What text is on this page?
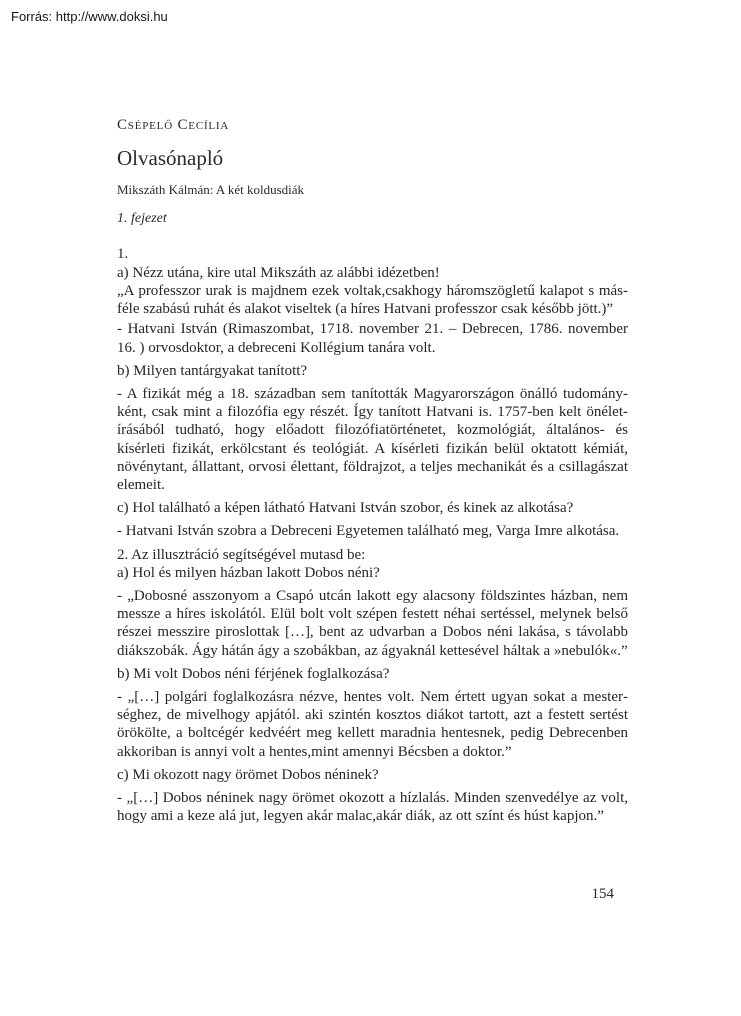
Forrás: http://www.doksi.hu
Csépelő Cecília
Olvasónapló
Mikszáth Kálmán: A két koldusdiák
1. fejezet

1.

a) Nézz utána, kire utal Mikszáth az alábbi idézetben!

„A professzor urak is majdnem ezek voltak,csakhogy háromszögletű kalapot s másféle szabású ruhát és alakot viseltek (a híres Hatvani professzor csak később jött.)”

- Hatvani István (Rimaszombat, 1718. november 21. – Debrecen, 1786. november 16. ) orvosdoktor, a debreceni Kollégium tanára volt.

b) Milyen tantárgyakat tanított?

- A fizikát még a 18. században sem tanították Magyarországon önálló tudományként, csak mint a filozófia egy részét. Így tanított Hatvani is. 1757-ben kelt önéletírásából tudható, hogy előadott filozófiatörténetet, kozmológiát, általános- és kísérleti fizikát, erkölcstant és teológiát. A kísérleti fizikán belül oktatott kémiát, növénytant, állattant, orvosi élettant, földrajzot, a teljes mechanikát és a csillagászat elemeit.

c) Hol található a képen látható Hatvani István szobor, és kinek az alkotása?

- Hatvani István szobra a Debreceni Egyetemen található meg, Varga Imre alkotása.

2. Az illusztráció segítségével mutasd be:

a) Hol és milyen házban lakott Dobos néni?

- „Dobosné asszonyom a Csapó utcán lakott egy alacsony földszintes házban, nem messze a híres iskolától. Elül bolt volt szépen festett néhai sertéssel, melynek belső részei messzire piroslottak […], bent az udvarban a Dobos néni lakása, s távolabb diákszobák. Ágy hátán ágy a szobákban, az ágyaknál kettesével háltak a »nebulók«.”

b) Mi volt Dobos néni férjének foglalkozása?

- „[…] polgári foglalkozásra nézve, hentes volt. Nem értett ugyan sokat a mesterséghez, de mivelhogy apjától. aki szintén kosztos diákot tartott, azt a festett sertést örökölte, a boltcégér kedvéért meg kellett maradnia hentesnek, pedig Debrecenben akkoriban is annyi volt a hentes,mint amennyi Bécsben a doktor.”

c) Mi okozott nagy örömet Dobos néninek?

- „[…] Dobos néninek nagy örömet okozott a hízlalás. Minden szenvedélye az volt, hogy ami a keze alá jut, legyen akár malac,akár diák, az ott színt és húst kapjon.”

154
